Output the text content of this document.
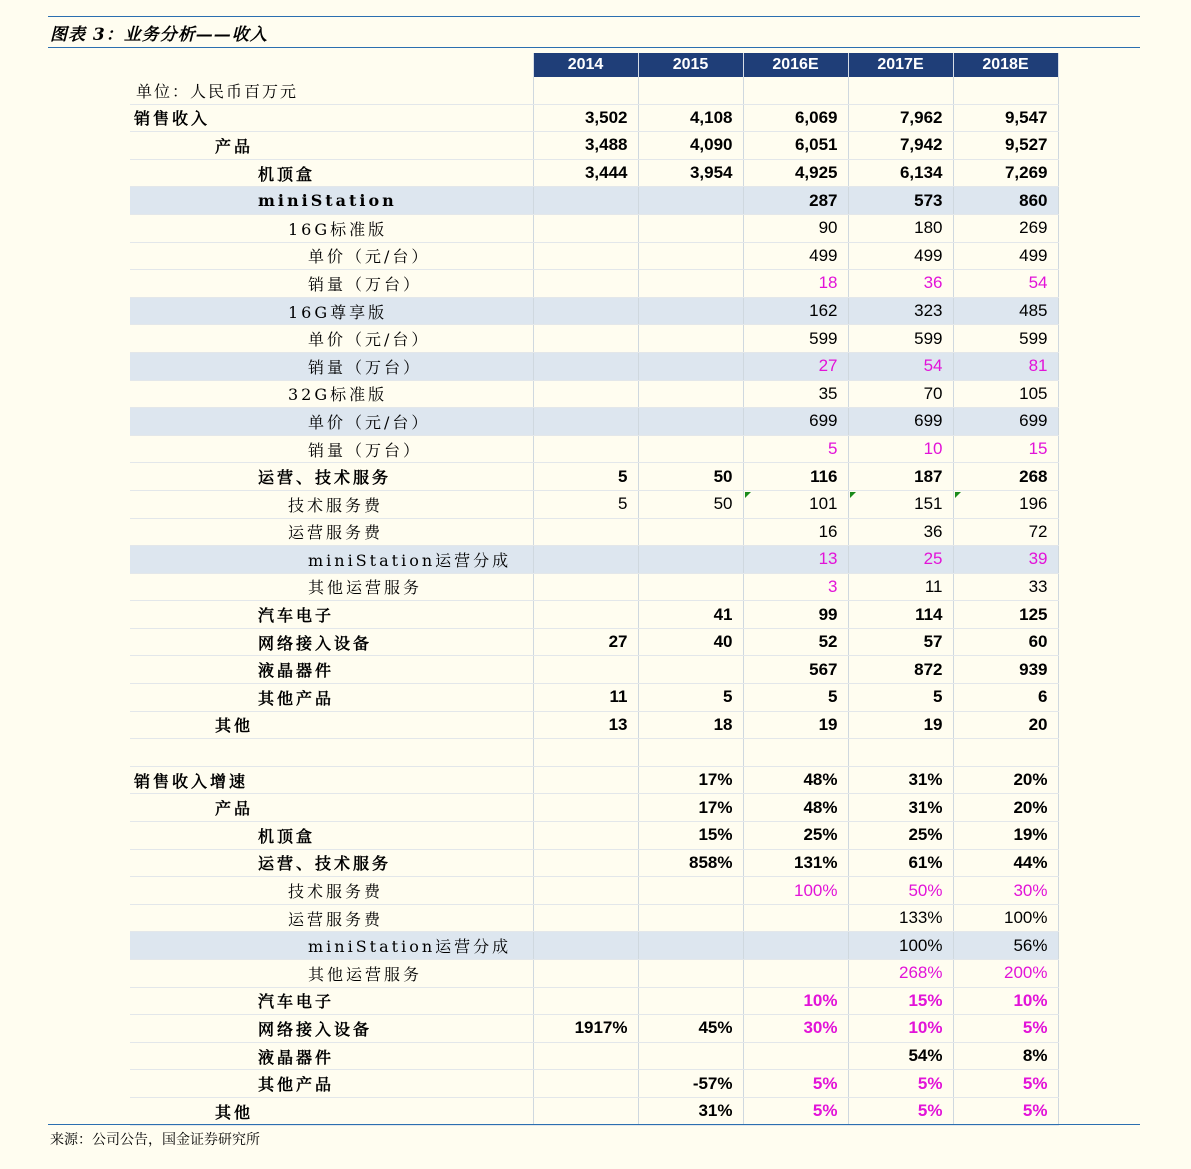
图表 3：业务分析——收入
	2014	2015	2016E	2017E	2018E
单位：人民币百万元					
销售收入	3,502	4,108	6,069	7,962	9,547
产品	3,488	4,090	6,051	7,942	9,527
机顶盒	3,444	3,954	4,925	6,134	7,269
miniStation			287	573	860
16G标准版			90	180	269
单价（元/台）			499	499	499
销量（万台）			18	36	54
16G尊享版			162	323	485
单价（元/台）			599	599	599
销量（万台）			27	54	81
32G标准版			35	70	105
单价（元/台）			699	699	699
销量（万台）			5	10	15
运营、技术服务	5	50	116	187	268
技术服务费	5	50	101	151	196
运营服务费			16	36	72
miniStation运营分成			13	25	39
其他运营服务			3	11	33
汽车电子		41	99	114	125
网络接入设备	27	40	52	57	60
液晶器件			567	872	939
其他产品	11	5	5	5	6
其他	13	18	19	19	20

销售收入增速		17%	48%	31%	20%
产品		17%	48%	31%	20%
机顶盒		15%	25%	25%	19%
运营、技术服务		858%	131%	61%	44%
技术服务费			100%	50%	30%
运营服务费				133%	100%
miniStation运营分成				100%	56%
其他运营服务				268%	200%
汽车电子			10%	15%	10%
网络接入设备	1917%	45%	30%	10%	5%
液晶器件				54%	8%
其他产品		-57%	5%	5%	5%
其他		31%	5%	5%	5%
来源：公司公告，国金证券研究所
